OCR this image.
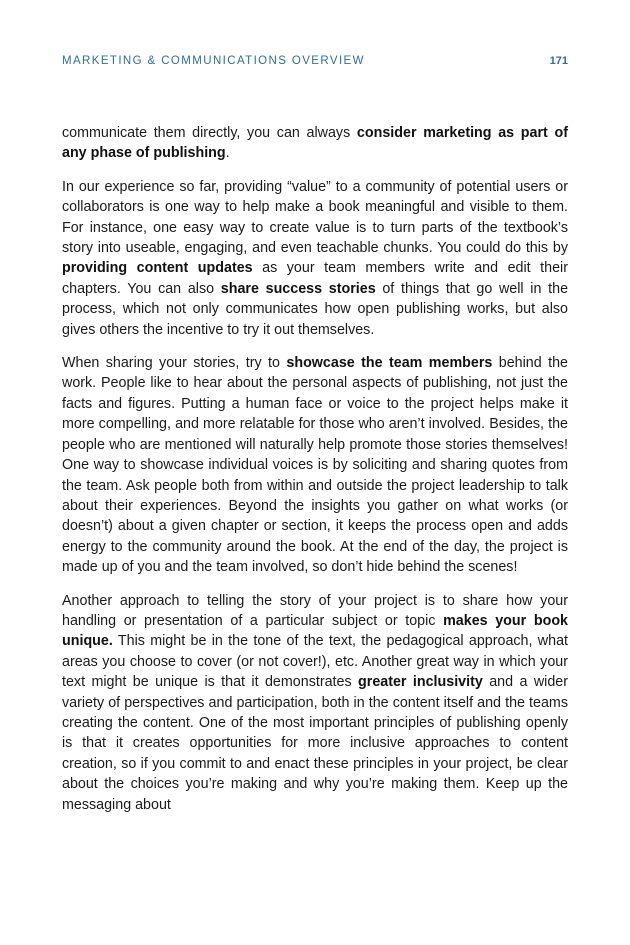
MARKETING & COMMUNICATIONS OVERVIEW	171

communicate them directly, you can always consider marketing as part of any phase of publishing.

In our experience so far, providing “value” to a community of potential users or collaborators is one way to help make a book meaningful and visible to them. For instance, one easy way to create value is to turn parts of the textbook’s story into useable, engaging, and even teachable chunks. You could do this by providing content updates as your team members write and edit their chapters. You can also share success stories of things that go well in the process, which not only communicates how open publishing works, but also gives others the incentive to try it out themselves.

When sharing your stories, try to showcase the team members behind the work. People like to hear about the personal aspects of publishing, not just the facts and figures. Putting a human face or voice to the project helps make it more compelling, and more relatable for those who aren’t involved. Besides, the people who are mentioned will naturally help promote those stories themselves! One way to showcase individual voices is by soliciting and sharing quotes from the team. Ask people both from within and outside the project leadership to talk about their experiences. Beyond the insights you gather on what works (or doesn’t) about a given chapter or section, it keeps the process open and adds energy to the community around the book. At the end of the day, the project is made up of you and the team involved, so don’t hide behind the scenes!

Another approach to telling the story of your project is to share how your handling or presentation of a particular subject or topic makes your book unique. This might be in the tone of the text, the pedagogical approach, what areas you choose to cover (or not cover!), etc. Another great way in which your text might be unique is that it demonstrates greater inclusivity and a wider variety of perspectives and participation, both in the content itself and the teams creating the content. One of the most important principles of publishing openly is that it creates opportunities for more inclusive approaches to content creation, so if you commit to and enact these principles in your project, be clear about the choices you’re making and why you’re making them. Keep up the messaging about
